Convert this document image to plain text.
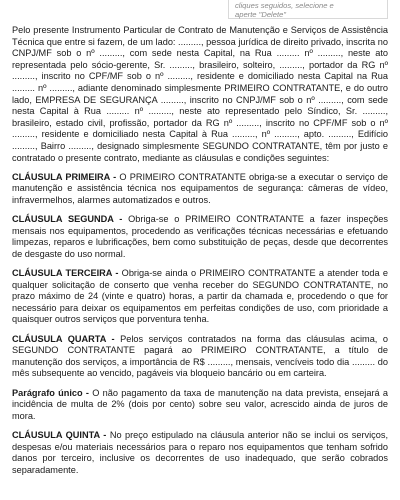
cliques seguidos, selecione e
aperte "Delete"

Pelo presente Instrumento Particular de Contrato de Manutenção e Serviços de Assistência Técnica que entre si fazem, de um lado: ........., pessoa jurídica de direito privado, inscrita no CNPJ/MF sob o nº ........., com sede nesta Capital, na Rua ......... nº ........., neste ato representada pelo sócio-gerente, Sr. ........., brasileiro, solteiro, ........., portador da RG nº ........., inscrito no CPF/MF sob o nº ........., residente e domiciliado nesta Capital na Rua ......... nº ........., adiante denominado simplesmente PRIMEIRO CONTRATANTE, e do outro lado, EMPRESA DE SEGURANÇA ........., inscrito no CNPJ/MF sob o nº ........., com sede nesta Capital à Rua ......... nº ........., neste ato representado pelo Síndico, Sr. ........., brasileiro, estado civil, profissão, portador da RG nº ........., inscrito no CPF/MF sob o nº ........., residente e domiciliado nesta Capital à Rua ........., nº ........., apto. ........., Edifício ........., Bairro ........., designado simplesmente SEGUNDO CONTRATANTE, têm por justo e contratado o presente contrato, mediante as cláusulas e condições seguintes:

CLÁUSULA PRIMEIRA - O PRIMEIRO CONTRATANTE obriga-se a executar o serviço de manutenção e assistência técnica nos equipamentos de segurança: câmeras de vídeo, infravermelhos, alarmes automatizados e outros.

CLÁUSULA SEGUNDA - Obriga-se o PRIMEIRO CONTRATANTE a fazer inspeções mensais nos equipamentos, procedendo as verificações técnicas necessárias e efetuando limpezas, reparos e lubrificações, bem como substituição de peças, desde que decorrentes de desgaste do uso normal.

CLÁUSULA TERCEIRA - Obriga-se ainda o PRIMEIRO CONTRATANTE a atender toda e qualquer solicitação de conserto que venha receber do SEGUNDO CONTRATANTE, no prazo máximo de 24 (vinte e quatro) horas, a partir da chamada e, procedendo o que for necessário para deixar os equipamentos em perfeitas condições de uso, com prioridade a quaisquer outros serviços que porventura tenha.

CLÁUSULA QUARTA - Pelos serviços contratados na forma das cláusulas acima, o SEGUNDO CONTRATANTE pagará ao PRIMEIRO CONTRATANTE, a título de manutenção dos serviços, a importância de R$ ........., mensais, vencíveis todo dia ......... do mês subsequente ao vencido, pagáveis via bloqueio bancário ou em carteira.

Parágrafo único - O não pagamento da taxa de manutenção na data prevista, ensejará a incidência de multa de 2% (dois por cento) sobre seu valor, acrescido ainda de juros de mora.

CLÁUSULA QUINTA - No preço estipulado na cláusula anterior não se inclui os serviços, despesas e/ou materiais necessários para o reparo nos equipamentos que tenham sofrido danos por terceiro, inclusive os decorrentes de uso inadequado, que serão cobrados separadamente.
